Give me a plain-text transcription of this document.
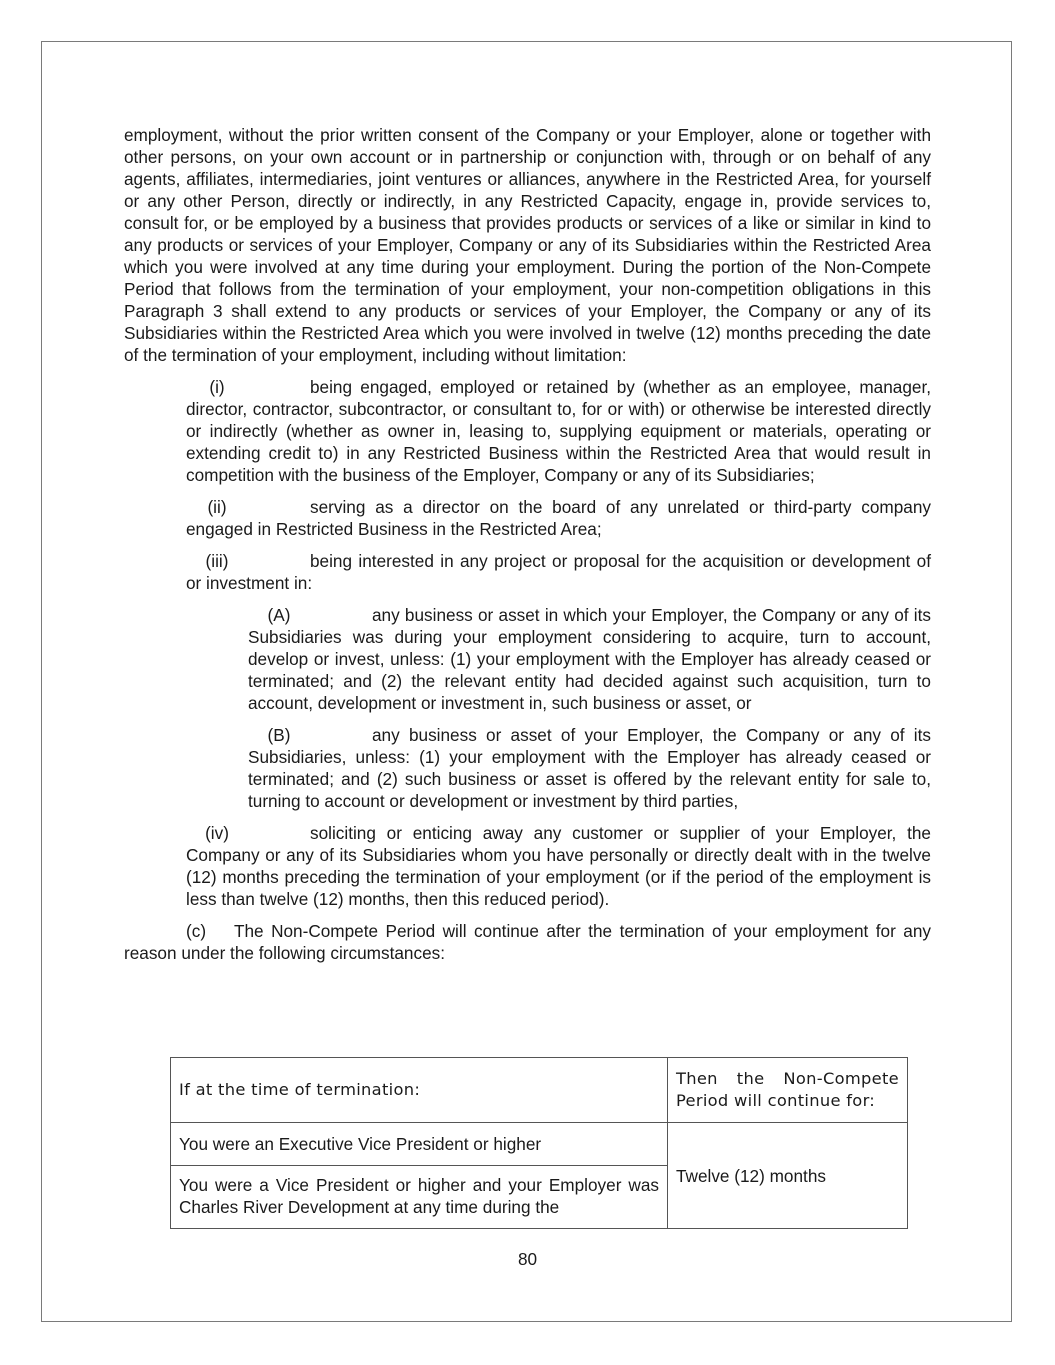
employment, without the prior written consent of the Company or your Employer, alone or together with other persons, on your own account or in partnership or conjunction with, through or on behalf of any agents, affiliates, intermediaries, joint ventures or alliances, anywhere in the Restricted Area, for yourself or any other Person, directly or indirectly, in any Restricted Capacity, engage in, provide services to, consult for, or be employed by a business that provides products or services of a like or similar in kind to any products or services of your Employer, Company or any of its Subsidiaries within the Restricted Area which you were involved at any time during your employment. During the portion of the Non-Compete Period that follows from the termination of your employment, your non-competition obligations in this Paragraph 3 shall extend to any products or services of your Employer, the Company or any of its Subsidiaries within the Restricted Area which you were involved in twelve (12) months preceding the date of the termination of your employment, including without limitation:

(i)	being engaged, employed or retained by (whether as an employee, manager, director, contractor, subcontractor, or consultant to, for or with) or otherwise be interested directly or indirectly (whether as owner in, leasing to, supplying equipment or materials, operating or extending credit to) in any Restricted Business within the Restricted Area that would result in competition with the business of the Employer, Company or any of its Subsidiaries;

(ii)	serving as a director on the board of any unrelated or third-party company engaged in Restricted Business in the Restricted Area;

(iii)	being interested in any project or proposal for the acquisition or development of or investment in:

(A)	any business or asset in which your Employer, the Company or any of its Subsidiaries was during your employment considering to acquire, turn to account, develop or invest, unless: (1) your employment with the Employer has already ceased or terminated; and (2) the relevant entity had decided against such acquisition, turn to account, development or investment in, such business or asset, or

(B)	any business or asset of your Employer, the Company or any of its Subsidiaries, unless: (1) your employment with the Employer has already ceased or terminated; and (2) such business or asset is offered by the relevant entity for sale to, turning to account or development or investment by third parties,

(iv)	soliciting or enticing away any customer or supplier of your Employer, the Company or any of its Subsidiaries whom you have personally or directly dealt with in the twelve (12) months preceding the termination of your employment (or if the period of the employment is less than twelve (12) months, then this reduced period).

(c) The Non-Compete Period will continue after the termination of your employment for any reason under the following circumstances:

If at the time of termination:	Then the Non-Compete Period will continue for:
You were an Executive Vice President or higher	Twelve (12) months

You were a Vice President or higher and your Employer was Charles River Development at any time during the	
80
